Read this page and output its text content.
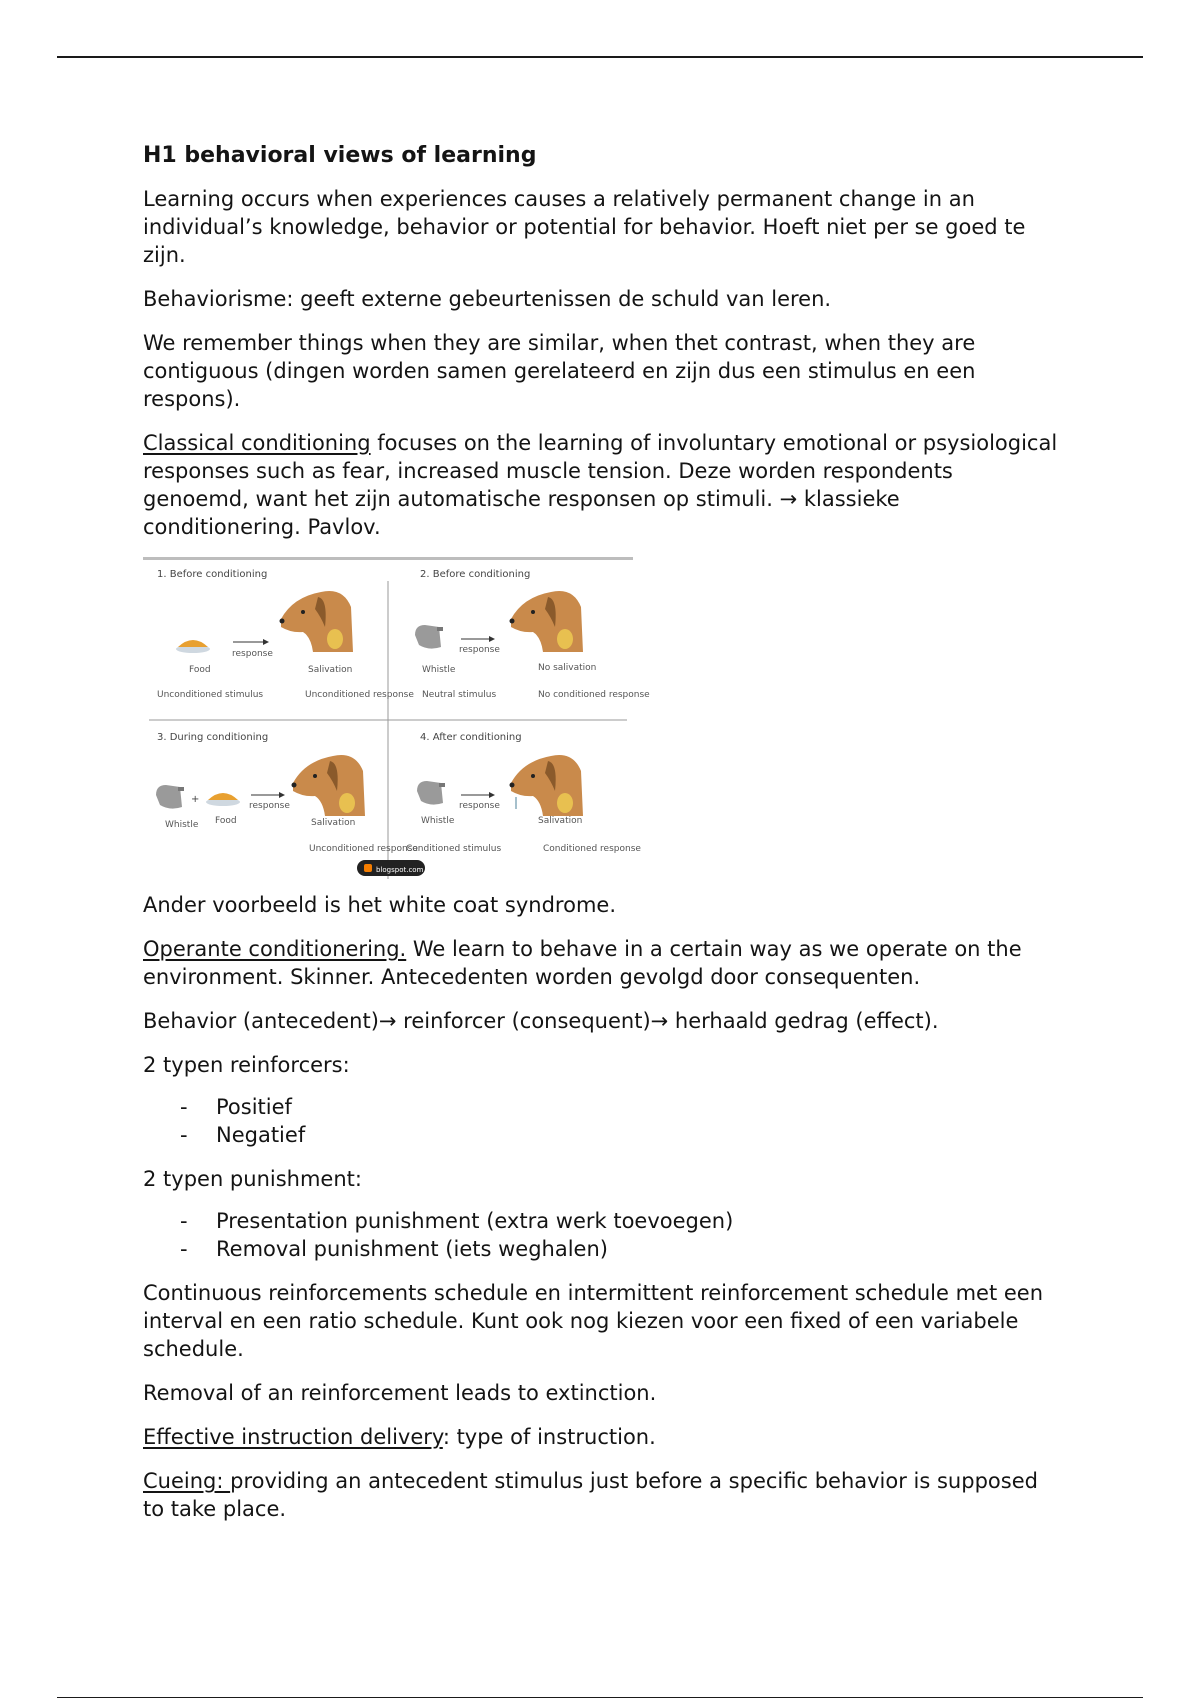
H1 behavioral views of learning

Learning occurs when experiences causes a relatively permanent change in an individual’s knowledge, behavior or potential for behavior. Hoeft niet per se goed te zijn.

Behaviorisme: geeft externe gebeurtenissen de schuld van leren.

We remember things when they are similar, when thet contrast, when they are contiguous (dingen worden samen gerelateerd en zijn dus een stimulus en een respons).

Classical conditioning focuses on the learning of involuntary emotional or psysiological responses such as fear, increased muscle tension. Deze worden respondents genoemd, want het zijn automatische responsen op stimuli. → klassieke conditionering. Pavlov.

1. Before conditioning
response
Food	Salivation
Unconditioned stimulus	Unconditioned response
2. Before conditioning
response
Whistle	No salivation
Neutral stimulus	No conditioned response
3. During conditioning
+
response
Whistle Food	Salivation
Unconditioned response
4. After conditioning
response
Whistle	Salivation
Conditioned stimulus	Conditioned response
blogspot.com

Ander voorbeeld is het white coat syndrome.

Operante conditionering. We learn to behave in a certain way as we operate on the environment. Skinner. Antecedenten worden gevolgd door consequenten.

Behavior (antecedent)→ reinforcer (consequent)→ herhaald gedrag (effect).

2 typen reinforcers:

- Positief
- Negatief

2 typen punishment:

- Presentation punishment (extra werk toevoegen)
- Removal punishment (iets weghalen)

Continuous reinforcements schedule en intermittent reinforcement schedule met een interval en een ratio schedule. Kunt ook nog kiezen voor een fixed of een variabele schedule.

Removal of an reinforcement leads to extinction.

Effective instruction delivery: type of instruction.

Cueing: providing an antecedent stimulus just before a specific behavior is supposed to take place.
